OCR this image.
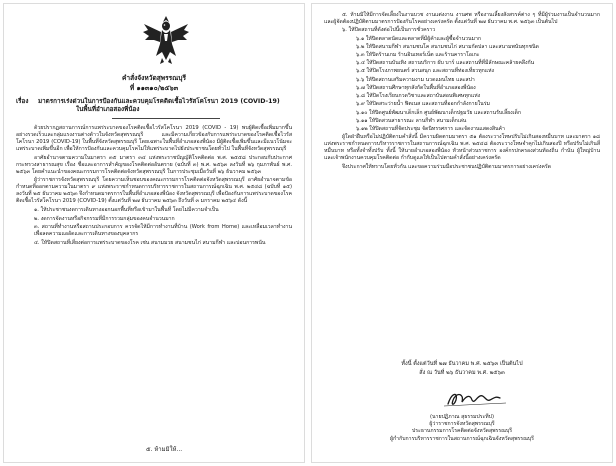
คำสั่งจังหวัดสุพรรณบุรี
ที่ ๑๑๓๑๐/๒๕๖๓
เรื่อง มาตรการเร่งด่วนในการป้องกันและควบคุมโรคติดเชื้อไวรัสโคโรนา 2019 (COVID-19)
ในพื้นที่อำเภอสองพี่น้อง

ด้วยปรากฏสถานการณ์การแพร่ระบาดของโรคติดเชื้อไวรัสโคโรนา 2019 (COVID - 19) พบผู้ติดเชื้อเพิ่มมากขึ้นอย่างรวดเร็วและกลุ่มแรงงานต่างด้าวในจังหวัดสุพรรณบุรี และมีความเกี่ยวข้องกับการแพร่ระบาดของโรคติดเชื้อไวรัสโคโรนา 2019 (COVID-19) ในพื้นที่จังหวัดสุพรรณบุรี โดยเฉพาะในพื้นที่อำเภอสองพี่น้อง มีผู้ติดเชื้อเพิ่มขึ้นและมีแนวโน้มจะแพร่ระบาดเพิ่มขึ้นอีก เพื่อให้การป้องกันและควบคุมโรคไม่ให้แพร่ระบาดไปยังประชาชนโดยทั่วไป ในพื้นที่จังหวัดสุพรรณบุรี

อาศัยอำนาจตามความในมาตรา ๓๕ มาตรา ๓๔ แห่งพระราชบัญญัติโรคติดต่อ พ.ศ. ๒๕๕๘ ประกอบกับประกาศกระทรวงสาธารณสุข เรื่อง ชื่อและอาการสำคัญของโรคติดต่ออันตราย (ฉบับที่ ๓) พ.ศ. ๒๕๖๓ ลงวันที่ ๒๖ กุมภาพันธ์ พ.ศ. ๒๕๖๓ โดยคำแนะนำของคณะกรรมการโรคติดต่อจังหวัดสุพรรณบุรี ในการประชุมเมื่อวันที่ ๒๖ ธันวาคม ๒๕๖๓

ผู้ว่าราชการจังหวัดสุพรรณบุรี โดยความเห็นชอบของคณะกรรมการโรคติดต่อจังหวัดสุพรรณบุรี อาศัยอำนาจตามข้อกำหนดที่ออกตามความในมาตรา ๙ แห่งพระราชกำหนดการบริหารราชการในสถานการณ์ฉุกเฉิน พ.ศ. ๒๕๔๘ (ฉบับที่ ๑๕) ลงวันที่ ๒๕ ธันวาคม ๒๕๖๓ จึงกำหนดมาตรการในพื้นที่อำเภอสองพี่น้อง จังหวัดสุพรรณบุรี เพื่อป้องกันการแพร่ระบาดของโรคติดเชื้อไวรัสโคโรนา 2019 (COVID-19) ตั้งแต่วันที่ ๒๗ ธันวาคม ๒๕๖๓ ถึงวันที่ ๓ มกราคม ๒๕๖๔ ดังนี้

๑. ให้ประชาชนงดการเดินทางออกนอกพื้นที่หรือเข้ามาในพื้นที่ โดยไม่มีความจำเป็น

๒. งดการจัดงานหรือกิจกรรมที่มีการรวมกลุ่มของคนจำนวนมาก

๓. สถานที่ทำงานหรือสถานประกอบการ ควรจัดให้มีการทำงานที่บ้าน (Work from Home) และเหลื่อมเวลาทำงาน เพื่อลดความแออัดและการเดินทางของบุคลากร

๔. ให้ปิดสถานที่เสี่ยงต่อการแพร่ระบาดของโรค เช่น สนามมวย สนามชนไก่ สนามกีฬา และบ่อนการพนัน

๕. ห้ามมิให้...

๕. ห้ามมิให้มีการจัดเลี้ยงในงานบวช งานแต่งงาน งานศพ หรืองานเลี้ยงสังสรรค์ต่าง ๆ ที่มีผู้ร่วมงานเป็นจำนวนมาก และผู้จัดต้องปฏิบัติตามมาตรการป้องกันโรคอย่างเคร่งครัด ตั้งแต่วันที่ ๒๗ ธันวาคม พ.ศ. ๒๕๖๓ เป็นต้นไป

๖. ให้ปิดสถานที่ดังต่อไปนี้เป็นการชั่วคราว

๖.๑ ให้ปิดตลาดนัดและตลาดที่มีผู้ค้าและผู้ซื้อจำนวนมาก

๖.๒ ให้ปิดสนามกีฬา สนามชนโค สนามชนไก่ สนามกัดปลา และสนามพนันทุกชนิด

๖.๓ ให้ปิดร้านเกม ร้านอินเทอร์เน็ต และร้านคาราโอเกะ

๖.๔ ให้ปิดสถานบันเทิง สถานบริการ ผับ บาร์ และสถานที่ที่มีลักษณะคล้ายคลึงกัน

๖.๕ ให้ปิดโรงภาพยนตร์ สวนสนุก และสถานที่ท่องเที่ยวทุกแห่ง

๖.๖ ให้ปิดสถานเสริมความงาม นวดแผนไทย และสปา

๖.๗ ให้ปิดสถานศึกษาทุกสังกัดในพื้นที่อำเภอสองพี่น้อง

๖.๘ ให้ปิดโรงเรียนกวดวิชาและสถาบันสอนพิเศษทุกแห่ง

๖.๙ ให้ปิดสระว่ายน้ำ ฟิตเนส และสถานที่ออกกำลังกายในร่ม

๖.๑๐ ให้ปิดศูนย์พัฒนาเด็กเล็ก ศูนย์พัฒนาเด็กปฐมวัย และสถานรับเลี้ยงเด็ก

๖.๑๑ ให้ปิดสวนสาธารณะ ลานกีฬา สนามเด็กเล่น

๖.๑๒ ให้ปิดสถานที่จัดประชุม จัดนิทรรศการ และจัดงานแสดงสินค้า

ผู้ใดฝ่าฝืนหรือไม่ปฏิบัติตามคำสั่งนี้ มีความผิดตามมาตรา ๕๑ ต้องระวางโทษปรับไม่เกินสองหมื่นบาท และมาตรา ๑๘ แห่งพระราชกำหนดการบริหารราชการในสถานการณ์ฉุกเฉิน พ.ศ. ๒๕๔๘ ต้องระวางโทษจำคุกไม่เกินสองปี หรือปรับไม่เกินสี่หมื่นบาท หรือทั้งจำทั้งปรับ ทั้งนี้ ให้นายอำเภอสองพี่น้อง หัวหน้าส่วนราชการ องค์กรปกครองส่วนท้องถิ่น กำนัน ผู้ใหญ่บ้าน และเจ้าพนักงานควบคุมโรคติดต่อ กำกับดูแลให้เป็นไปตามคำสั่งนี้อย่างเคร่งครัด

จึงประกาศให้ทราบโดยทั่วกัน และขอความร่วมมือประชาชนปฏิบัติตามมาตรการอย่างเคร่งครัด

ทั้งนี้ ตั้งแต่วันที่ ๒๗ ธันวาคม พ.ศ. ๒๕๖๓ เป็นต้นไป
สั่ง ณ วันที่ ๒๖ ธันวาคม พ.ศ. ๒๕๖๓
(นายปฏิภาณ สุธรรมประทีป)
ผู้ว่าราชการจังหวัดสุพรรณบุรี
ประธานกรรมการโรคติดต่อจังหวัดสุพรรณบุรี
ผู้กำกับการบริหารราชการในสถานการณ์ฉุกเฉินจังหวัดสุพรรณบุรี
